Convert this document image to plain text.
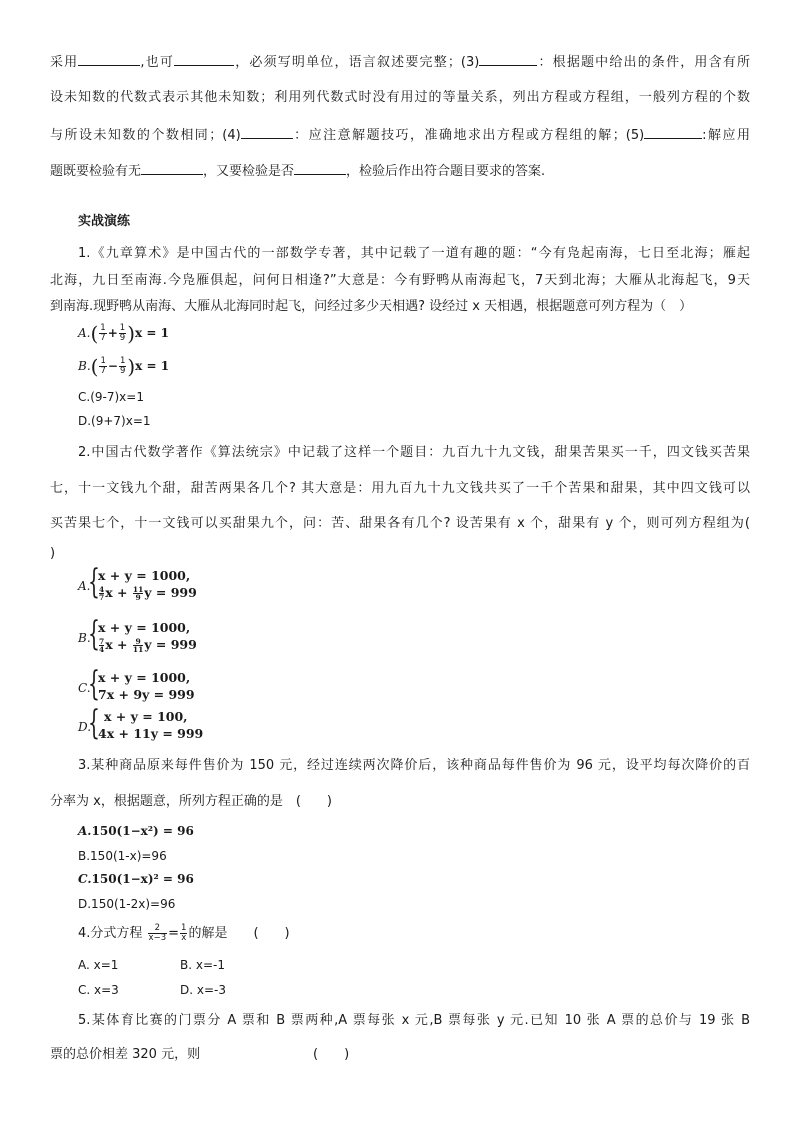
采用	,也可	，必须写明单位，语言叙述要完整；(3)	：根据题中给出的条件，用含有所
设未知数的代数式表示其他未知数；利用列代数式时没有用过的等量关系，列出方程或方程组，一般列方程的个数
与所设未知数的个数相同；(4)	：应注意解题技巧，准确地求出方程或方程组的解；(5)	:解应用
题既要检验有无	，又要检验是否	，检验后作出符合题目要求的答案.
实战演练
1.《九章算术》是中国古代的一部数学专著，其中记载了一道有趣的题：“今有凫起南海，七日至北海；雁起
北海，九日至南海.今凫雁俱起，问何日相逢?”大意是：今有野鸭从南海起飞，7天到北海；大雁从北海起飞，9天
到南海.现野鸭从南海、大雁从北海同时起飞，问经过多少天相遇? 设经过 x 天相遇，根据题意可列方程为（　）
$A.( \frac{1}{7} + \frac{1}{9} )x = 1$
$B.( \frac{1}{7} - \frac{1}{9} )x = 1$
C.(9-7)x=1
D.(9+7)x=1
2.中国古代数学著作《算法统宗》中记载了这样一个题目：九百九十九文钱，甜果苦果买一千，四文钱买苦果
七，十一文钱九个甜，甜苦两果各几个? 其大意是：用九百九十九文钱共买了一千个苦果和甜果，其中四文钱可以
买苦果七个，十一文钱可以买甜果九个，问：苦、甜果各有几个? 设苦果有 x 个，甜果有 y 个，则可列方程组为(
)
A.
{
x + y = 1000,
$\frac{4}{7}$ $x + \frac{11}{9}$ y = 999
B.
{
x + y = 1000,
$\frac{7}{4}$ $x + \frac{9}{11}$ y = 999
C.
{
x + y = 1000,
7x + 9y = 999
D.
{ x + y = 100,
4x + 11y = 999
3.某种商品原来每件售价为 150 元，经过连续两次降价后，该种商品每件售价为 96 元，设平均每次降价的百
分率为 x，根据题意，所列方程正确的是　(　　)
A.150(1−x²) = 96
B.150(1-x)=96
C.150(1−x)² = 96
D.150(1-2x)=96
4.分式方程 $\frac{2}{x-3} = \frac{1}{x}$ 的解是　　(　　)
A. x=1	B. x=-1
C. x=3	D. x=-3
5.某体育比赛的门票分 A 票和 B 票两种,A 票每张 x 元,B 票每张 y 元.已知 10 张 A 票的总价与 19 张 B
票的总价相差 320 元，则	(　　)
